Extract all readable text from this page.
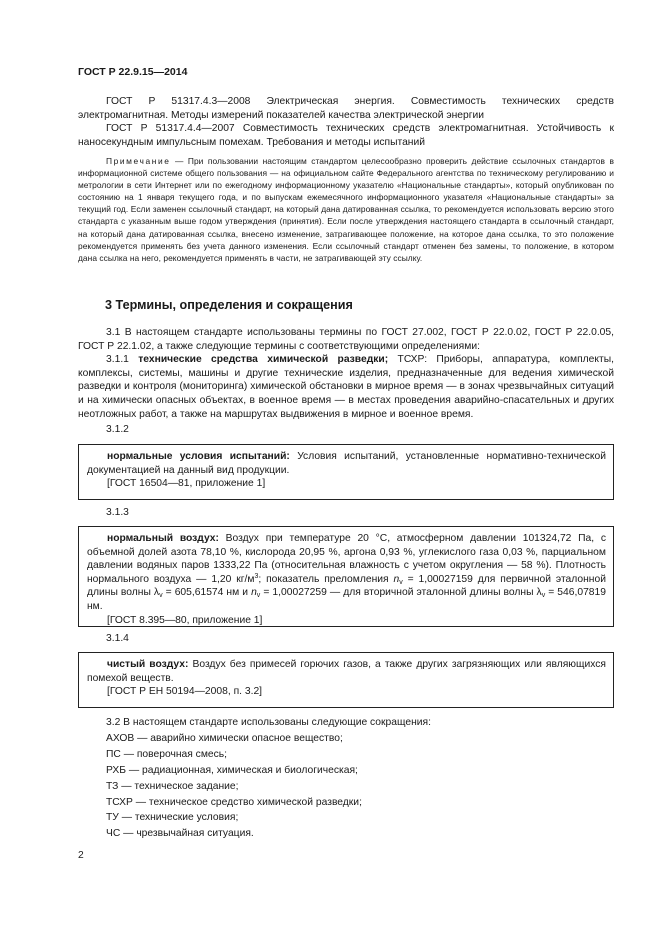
ГОСТ Р 22.9.15—2014

ГОСТ Р 51317.4.3—2008 Электрическая энергия. Совместимость технических средств электромагнитная. Методы измерений показателей качества электрической энергии

ГОСТ Р 51317.4.4—2007 Совместимость технических средств электромагнитная. Устойчивость к наносекундным импульсным помехам. Требования и методы испытаний

Примечание — При пользовании настоящим стандартом целесообразно проверить действие ссылочных стандартов в информационной системе общего пользования — на официальном сайте Федерального агентства по техническому регулированию и метрологии в сети Интернет или по ежегодному информационному указателю «Национальные стандарты», который опубликован по состоянию на 1 января текущего года, и по выпускам ежемесячного информационного указателя «Национальные стандарты» за текущий год. Если заменен ссылочный стандарт, на который дана датированная ссылка, то рекомендуется использовать версию этого стандарта с указанным выше годом утверждения (принятия). Если после утверждения настоящего стандарта в ссылочный стандарт, на который дана датированная ссылка, внесено изменение, затрагивающее положение, на которое дана ссылка, то это положение рекомендуется применять без учета данного изменения. Если ссылочный стандарт отменен без замены, то положение, в котором дана ссылка на него, рекомендуется применять в части, не затрагивающей эту ссылку.

3 Термины, определения и сокращения

3.1 В настоящем стандарте использованы термины по ГОСТ 27.002, ГОСТ Р 22.0.02, ГОСТ Р 22.0.05, ГОСТ Р 22.1.02, а также следующие термины с соответствующими определениями:

3.1.1 технические средства химической разведки; ТСХР: Приборы, аппаратура, комплекты, комплексы, системы, машины и другие технические изделия, предназначенные для ведения химической разведки и контроля (мониторинга) химической обстановки в мирное время — в зонах чрезвычайных ситуаций и на химически опасных объектах, в военное время — в местах проведения аварийно-спасательных и других неотложных работ, а также на маршрутах выдвижения в мирное и военное время.

3.1.2

нормальные условия испытаний: Условия испытаний, установленные нормативно-технической документацией на данный вид продукции.

[ГОСТ 16504—81, приложение 1]

3.1.3

нормальный воздух: Воздух при температуре 20 °С, атмосферном давлении 101324,72 Па, с объемной долей азота 78,10 %, кислорода 20,95 %, аргона 0,93 %, углекислого газа 0,03 %, парциальном давлении водяных паров 1333,22 Па (относительная влажность с учетом округления — 58 %). Плотность нормального воздуха — 1,20 $кг/м^3$; показатель преломления $n_v = 1,00027159$ для первичной эталонной длины волны $\lambda_v = 605,61574$ нм и $n_v = 1,00027259$ — для вторичной эталонной длины волны $\lambda_v = 546,07819$ нм.

[ГОСТ 8.395—80, приложение 1]

3.1.4

чистый воздух: Воздух без примесей горючих газов, а также других загрязняющих или являющихся помехой веществ.

[ГОСТ Р ЕН 50194—2008, п. 3.2]

3.2 В настоящем стандарте использованы следующие сокращения:
АХОВ — аварийно химически опасное вещество;
ПС — поверочная смесь;
РХБ — радиационная, химическая и биологическая;
ТЗ — техническое задание;
ТСХР — техническое средство химической разведки;
ТУ — технические условия;
ЧС — чрезвычайная ситуация.
2
